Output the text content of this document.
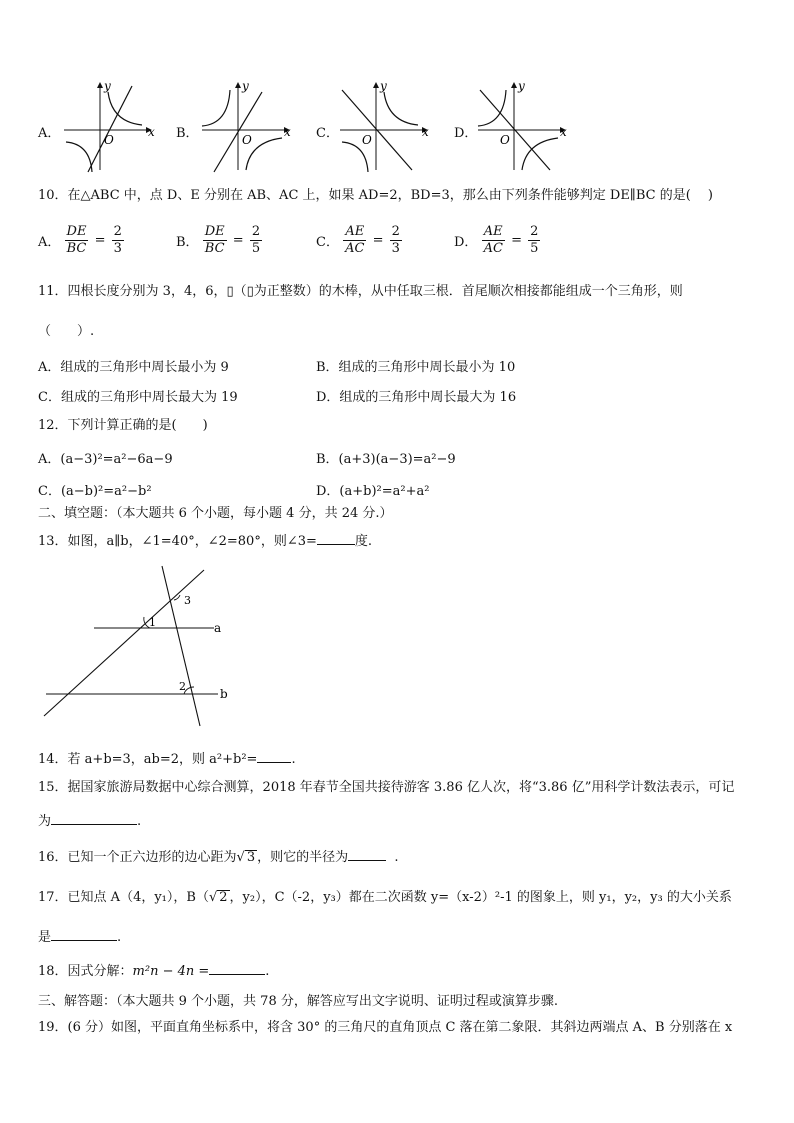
A．	O
x
y
B．	O
x
y
C． O
x
y
D． O
x
y
10．在△ABC 中，点 D、E 分别在 AB、AC 上，如果 AD=2，BD=3，那么由下列条件能够判定 DE∥BC 的是(　 )
A． $\frac{DE}{BC} = \frac{2}{3}$	B． $\frac{DE}{BC} = \frac{2}{5}$	C． $\frac{AE}{AC} = \frac{2}{3}$	D． $\frac{AE}{AC} = \frac{2}{5}$
11．四根长度分别为 3，4，6，▯（▯为正整数）的木棒，从中任取三根．首尾顺次相接都能组成一个三角形，则
（　　）.
A．组成的三角形中周长最小为 9	B．组成的三角形中周长最小为 10
C．组成的三角形中周长最大为 19	D．组成的三角形中周长最大为 16
12．下列计算正确的是(　　)
A．(a−3)²=a²−6a−9	B．(a+3)(a−3)=a²−9
C．(a−b)²=a²−b²	D．(a+b)²=a²+a²
二、填空题：（本大题共 6 个小题，每小题 4 分，共 24 分.）
13．如图，a∥b，∠1=40°，∠2=80°，则∠3=	度.
1
3
2
a
b
14．若 a+b=3，ab=2，则 a²+b²=	.
15．据国家旅游局数据中心综合测算，2018 年春节全国共接待游客 3.86 亿人次，将“3.86 亿”用科学计数法表示，可记
为	.
16．已知一个正六边形的边心距为√ 3 ，则它的半径为	.
17．已知点 A（4，y₁），B（√ 2 ，y₂），C（-2，y₃）都在二次函数 y=（x-2）²-1 的图象上，则 y₁，y₂，y₃ 的大小关系
是	.
18．因式分解：m²n − 4n =	.
三、解答题：（本大题共 9 个小题，共 78 分，解答应写出文字说明、证明过程或演算步骤.
19．(6 分）如图，平面直角坐标系中，将含 30° 的三角尺的直角顶点 C 落在第二象限．其斜边两端点 A、B 分别落在 x
